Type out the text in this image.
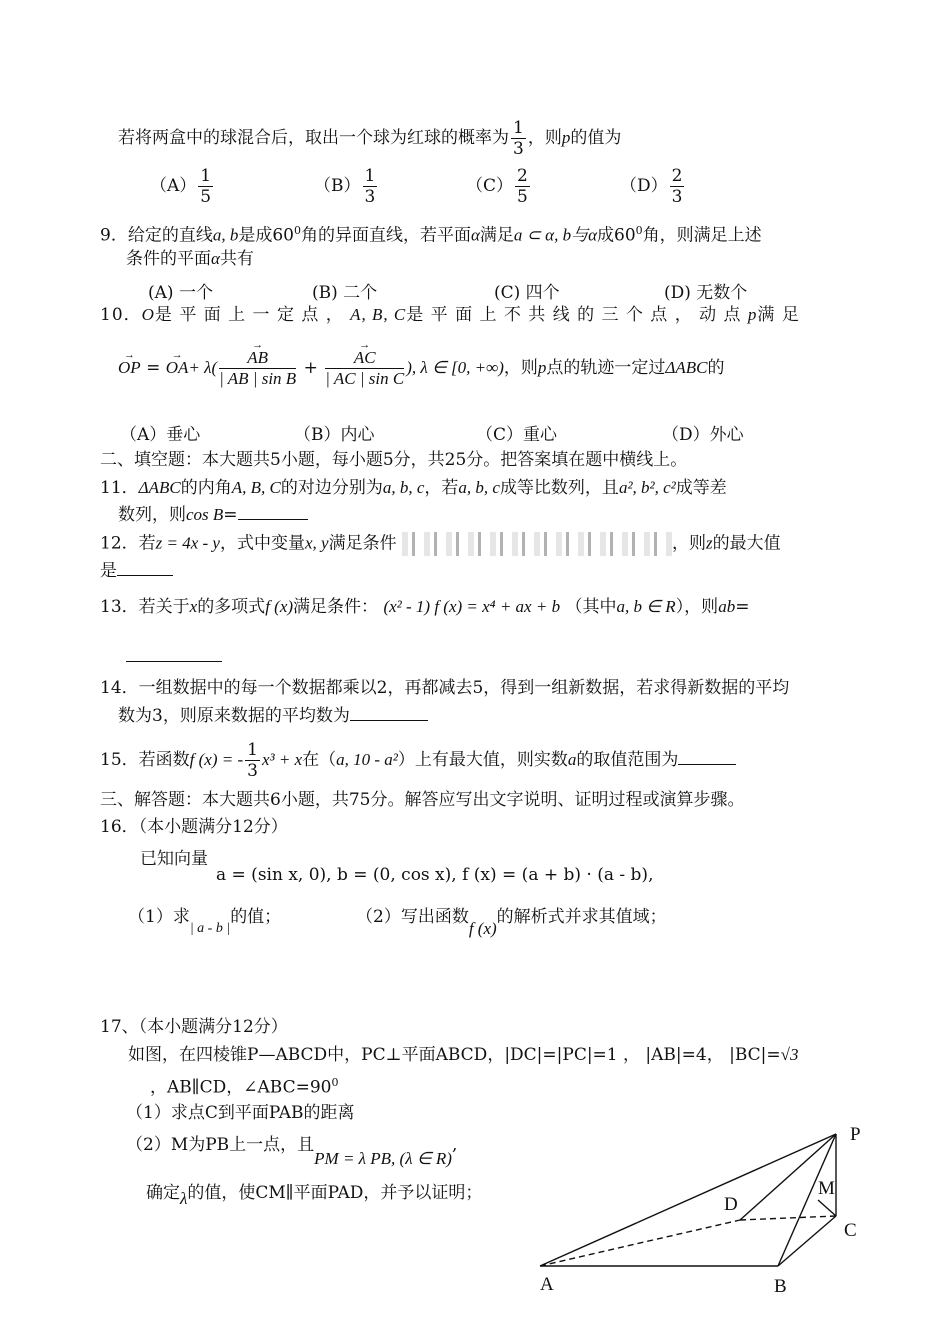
若将两盒中的球混合后，取出一个球为红球的概率为 $\frac{1}{3}$ ，则p的值为
$(A) \frac{1}{5}$	$(B) \frac{1}{3}$	$(C) \frac{2}{5}$	$(D) \frac{2}{3}$
9．给定的直线a, b是成$60^0$角的异面直线，若平面α满足a ⊂ α, b与α成$60^0$角，则满足上述
条件的平面α共有
(A) 一个	(B) 二个	(C) 四个	(D) 无数个
10．O是 平 面 上 一 定 点 ， A, B, C是 平 面 上 不 共 线 的 三 个 点 ， 动 点 p满 足
→ OP = → OA+ λ(
→ $\frac{AB}{\text{| AB | sin B}}$ +
→ $\frac{AC}{\text{| AC | sin C}}$ ), λ ∈ [0, +∞)，则p点的轨迹一定过ΔABC的
（A）垂心	（B）内心	（C）重心	（D）外心
二、填空题：本大题共5小题，每小题5分，共25分。把答案填在题中横线上。
11．ΔABC的内角A, B, C的对边分别为a, b, c，若a, b, c成等比数列，且a², b², c²成等差
数列，则cos B=
12．若z = 4x - y，式中变量x, y满足条件	，则z的最大值
是
13．若关于x的多项式f (x)满足条件： (x² - 1) f (x) = x⁴ + ax + b （其中a, b ∈ R），则ab=
14．一组数据中的每一个数据都乘以2，再都减去5，得到一组新数据，若求得新数据的平均
数为3，则原来数据的平均数为
15．若函数f (x) = - $\frac{1}{3} x^3 + x$在（a, 10 - a²）上有最大值，则实数a的取值范围为
三、解答题：本大题共6小题，共75分。解答应写出文字说明、证明过程或演算步骤。
16．（本小题满分12分）
已知向量
a = (sin x, 0), b = (0, cos x), f (x) = (a + b) · (a - b),
（1）求$_{| a - b |}$的值；	（2）写出函数f (x)的解析式并求其值域；
17、（本小题满分12分）
如图，在四棱锥P—ABCD中，PC⊥平面ABCD，|DC|=|PC|=1 ， |AB|=4， |BC|=√3
，AB∥CD，$\angle ABC=90^0$
（1）求点C到平面PAB的距离
（2）M为PB上一点，且PM = λ PB, (λ ∈ R),
确定λ的值，使CM∥平面PAD，并予以证明；
P
D
M
C
A	B
